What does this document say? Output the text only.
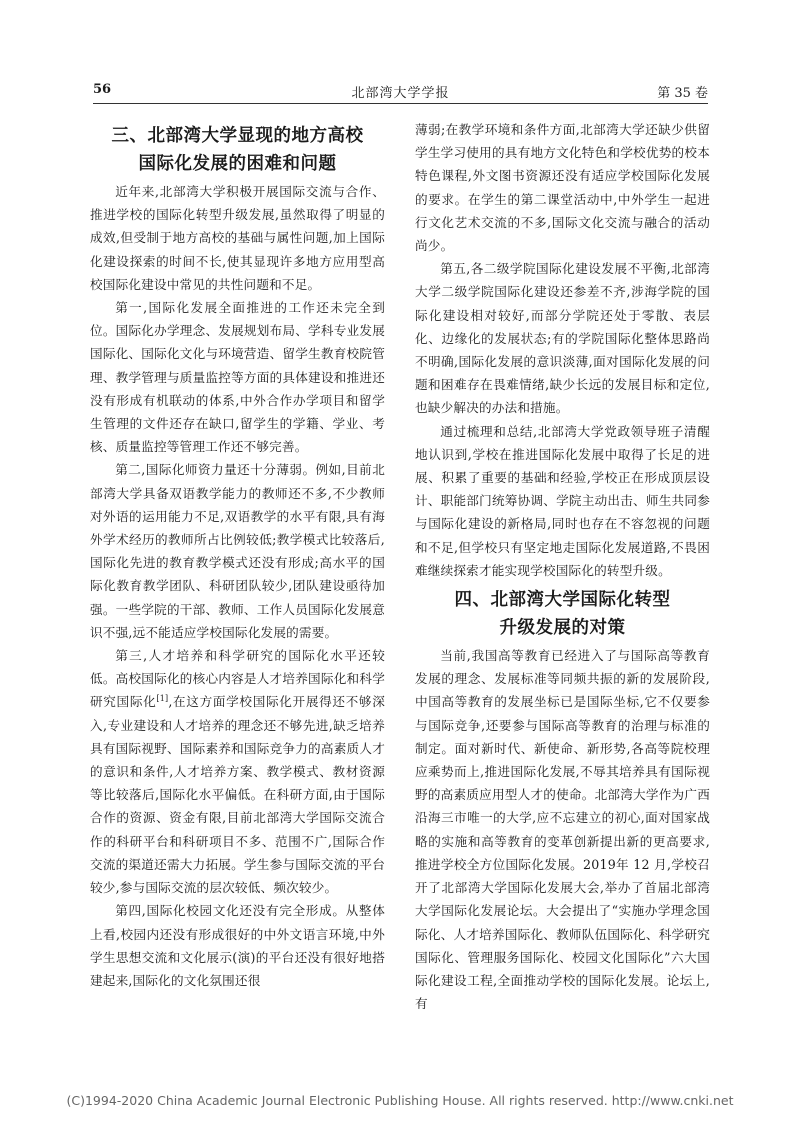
56	北部湾大学学报	第 35 卷
三、北部湾大学显现的地方高校
国际化发展的困难和问题

近年来,北部湾大学积极开展国际交流与合作、推进学校的国际化转型升级发展,虽然取得了明显的成效,但受制于地方高校的基础与属性问题,加上国际化建设探索的时间不长,使其显现许多地方应用型高校国际化建设中常见的共性问题和不足。

第一,国际化发展全面推进的工作还未完全到位。国际化办学理念、发展规划布局、学科专业发展国际化、国际化文化与环境营造、留学生教育校院管理、教学管理与质量监控等方面的具体建设和推进还没有形成有机联动的体系,中外合作办学项目和留学生管理的文件还存在缺口,留学生的学籍、学业、考核、质量监控等管理工作还不够完善。

第二,国际化师资力量还十分薄弱。例如,目前北部湾大学具备双语教学能力的教师还不多,不少教师对外语的运用能力不足,双语教学的水平有限,具有海外学术经历的教师所占比例较低;教学模式比较落后,国际化先进的教育教学模式还没有形成;高水平的国际化教育教学团队、科研团队较少,团队建设亟待加强。一些学院的干部、教师、工作人员国际化发展意识不强,远不能适应学校国际化发展的需要。

第三,人才培养和科学研究的国际化水平还较低。高校国际化的核心内容是人才培养国际化和科学研究国际化[1],在这方面学校国际化开展得还不够深入,专业建设和人才培养的理念还不够先进,缺乏培养具有国际视野、国际素养和国际竞争力的高素质人才的意识和条件,人才培养方案、教学模式、教材资源等比较落后,国际化水平偏低。在科研方面,由于国际合作的资源、资金有限,目前北部湾大学国际交流合作的科研平台和科研项目不多、范围不广,国际合作交流的渠道还需大力拓展。学生参与国际交流的平台较少,参与国际交流的层次较低、频次较少。

第四,国际化校园文化还没有完全形成。从整体上看,校园内还没有形成很好的中外文语言环境,中外学生思想交流和文化展示(演)的平台还没有很好地搭建起来,国际化的文化氛围还很

薄弱;在教学环境和条件方面,北部湾大学还缺少供留学生学习使用的具有地方文化特色和学校优势的校本特色课程,外文图书资源还没有适应学校国际化发展的要求。在学生的第二课堂活动中,中外学生一起进行文化艺术交流的不多,国际文化交流与融合的活动尚少。

第五,各二级学院国际化建设发展不平衡,北部湾大学二级学院国际化建设还参差不齐,涉海学院的国际化建设相对较好,而部分学院还处于零散、表层化、边缘化的发展状态;有的学院国际化整体思路尚不明确,国际化发展的意识淡薄,面对国际化发展的问题和困难存在畏难情绪,缺少长远的发展目标和定位,也缺少解决的办法和措施。

通过梳理和总结,北部湾大学党政领导班子清醒地认识到,学校在推进国际化发展中取得了长足的进展、积累了重要的基础和经验,学校正在形成顶层设计、职能部门统筹协调、学院主动出击、师生共同参与国际化建设的新格局,同时也存在不容忽视的问题和不足,但学校只有坚定地走国际化发展道路,不畏困难继续探索才能实现学校国际化的转型升级。

四、北部湾大学国际化转型
升级发展的对策

当前,我国高等教育已经进入了与国际高等教育发展的理念、发展标准等同频共振的新的发展阶段,中国高等教育的发展坐标已是国际坐标,它不仅要参与国际竞争,还要参与国际高等教育的治理与标准的制定。面对新时代、新使命、新形势,各高等院校理应乘势而上,推进国际化发展,不辱其培养具有国际视野的高素质应用型人才的使命。北部湾大学作为广西沿海三市唯一的大学,应不忘建立的初心,面对国家战略的实施和高等教育的变革创新提出新的更高要求,推进学校全方位国际化发展。2019年 12 月,学校召开了北部湾大学国际化发展大会,举办了首届北部湾大学国际化发展论坛。大会提出了“实施办学理念国际化、人才培养国际化、教师队伍国际化、科学研究国际化、管理服务国际化、校园文化国际化”六大国际化建设工程,全面推动学校的国际化发展。论坛上,有

(C)1994-2020 China Academic Journal Electronic Publishing House. All rights reserved. http://www.cnki.net
